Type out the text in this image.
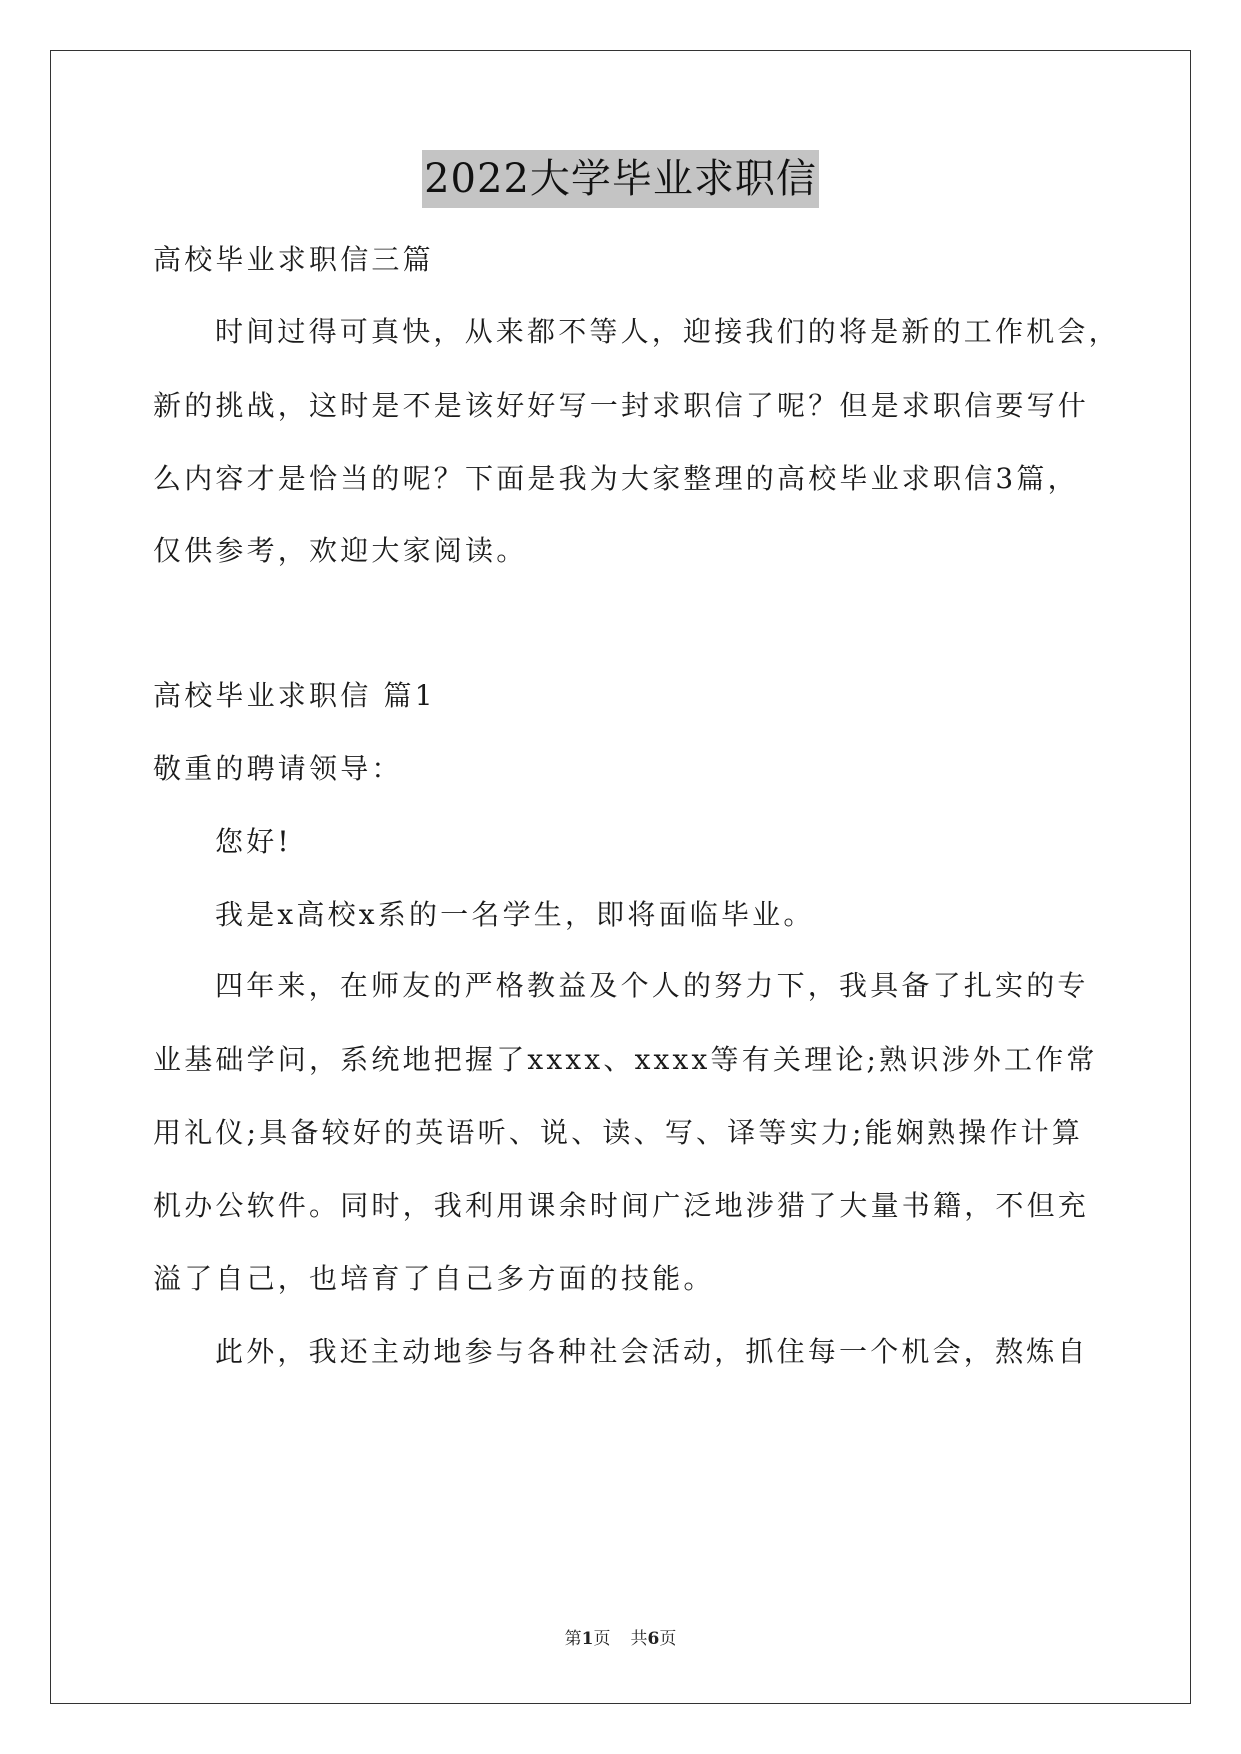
2022大学毕业求职信
高校毕业求职信三篇
时间过得可真快，从来都不等人，迎接我们的将是新的工作机会，
新的挑战，这时是不是该好好写一封求职信了呢？但是求职信要写什
么内容才是恰当的呢？下面是我为大家整理的高校毕业求职信3篇，
仅供参考，欢迎大家阅读。
高校毕业求职信 篇1
敬重的聘请领导：
您好!
我是x高校x系的一名学生，即将面临毕业。
四年来，在师友的严格教益及个人的努力下，我具备了扎实的专
业基础学问，系统地把握了xxxx、xxxx等有关理论;熟识涉外工作常
用礼仪;具备较好的英语听、说、读、写、译等实力;能娴熟操作计算
机办公软件。同时，我利用课余时间广泛地涉猎了大量书籍，不但充
溢了自己，也培育了自己多方面的技能。
此外，我还主动地参与各种社会活动，抓住每一个机会，熬炼自
第1页 共6页
